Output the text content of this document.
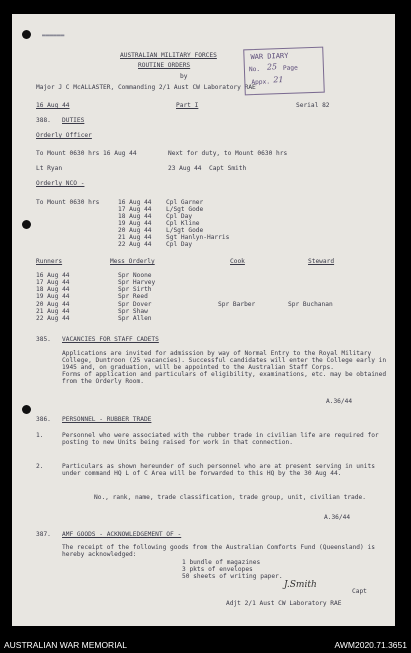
▬▬▬▬▬▬
AUSTRALIAN MILITARY FORCES
ROUTINE ORDERS
by
Major J C McALLASTER, Commanding 2/1 Aust CW Laboratory RAE
WAR DIARY
No. 25 Page
Appx. 21
16 Aug 44	Part I	Serial 82
388. DUTIES
Orderly Officer
To Mount 0630 hrs 16 Aug 44	Next for duty, to Mount 0630 hrs
Lt Ryan	23 Aug 44  Capt Smith
Orderly NCO -
To Mount 0630 hrs	16 Aug 44 Cpl Garner
17 Aug 44 L/Sgt Gode
18 Aug 44 Cpl Day
19 Aug 44 Cpl Kline
20 Aug 44 L/Sgt Gode
21 Aug 44 Sgt Hanlyn-Harris
22 Aug 44 Cpl Day
Runners	Mess Orderly	Cook	Steward
16 Aug 44	Spr Noone
17 Aug 44	Spr Harvey
18 Aug 44	Spr Sirth
19 Aug 44	Spr Reed
20 Aug 44	Spr Dover	Spr Barber	Spr Buchanan
21 Aug 44	Spr Shaw
22 Aug 44	Spr Allen
385. VACANCIES FOR STAFF CADETS
Applications are invited for admission by way of Normal Entry to the Royal Military College, Duntroon (25 vacancies). Successful candidates will enter the College early in 1945 and, on graduation, will be appointed to the Australian Staff Corps.
Forms of application and particulars of eligibility, examinations, etc. may be obtained from the Orderly Room.
A.36/44
386. PERSONNEL - RUBBER TRADE
1.	Personnel who were associated with the rubber trade in civilian life are required for posting to new Units being raised for work in that connection.
2.	Particulars as shown hereunder of such personnel who are at present serving in units under command HQ L of C Area will be forwarded to this HQ by the 30 Aug 44.
No., rank, name, trade classification, trade group, unit, civilian trade.
A.36/44
387. AMF GOODS - ACKNOWLEDGEMENT OF -
The receipt of the following goods from the Australian Comforts Fund (Queensland) is hereby acknowledged:
1 bundle of magazines
3 pkts of envelopes
50 sheets of writing paper.
J.Smith
Capt
Adjt 2/1 Aust CW Laboratory RAE
AUSTRALIAN WAR MEMORIAL	AWM2020.71.3651
